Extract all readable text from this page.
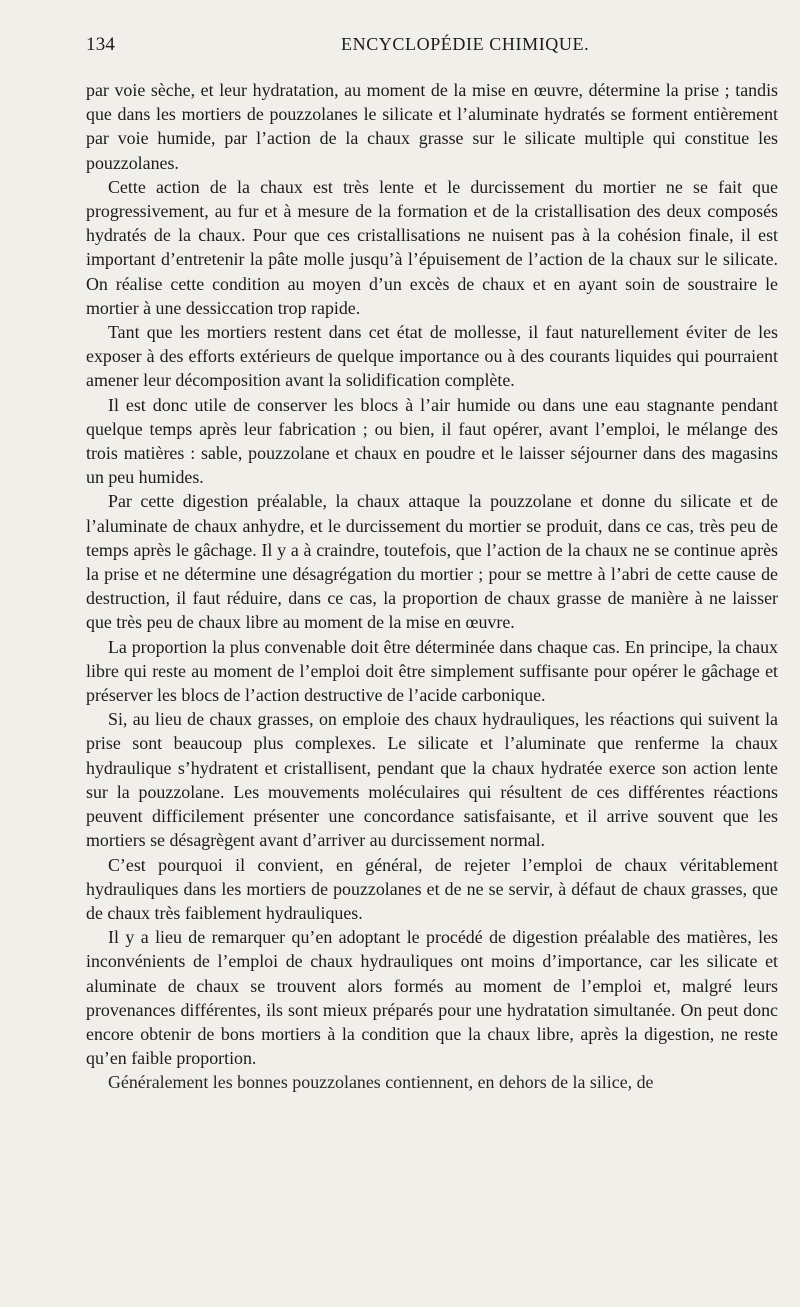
134	ENCYCLOPÉDIE CHIMIQUE.

par voie sèche, et leur hydratation, au moment de la mise en œuvre, détermine la prise ; tandis que dans les mortiers de pouzzolanes le silicate et l’aluminate hydratés se forment entièrement par voie humide, par l’action de la chaux grasse sur le silicate multiple qui constitue les pouzzolanes.

Cette action de la chaux est très lente et le durcissement du mortier ne se fait que progressivement, au fur et à mesure de la formation et de la cristallisation des deux composés hydratés de la chaux. Pour que ces cristallisations ne nuisent pas à la cohésion finale, il est important d’entretenir la pâte molle jusqu’à l’épuisement de l’action de la chaux sur le silicate. On réalise cette condition au moyen d’un excès de chaux et en ayant soin de soustraire le mortier à une dessiccation trop rapide.

Tant que les mortiers restent dans cet état de mollesse, il faut naturellement éviter de les exposer à des efforts extérieurs de quelque importance ou à des courants liquides qui pourraient amener leur décomposition avant la solidification complète.

Il est donc utile de conserver les blocs à l’air humide ou dans une eau stagnante pendant quelque temps après leur fabrication ; ou bien, il faut opérer, avant l’emploi, le mélange des trois matières : sable, pouzzolane et chaux en poudre et le laisser séjourner dans des magasins un peu humides.

Par cette digestion préalable, la chaux attaque la pouzzolane et donne du silicate et de l’aluminate de chaux anhydre, et le durcissement du mortier se produit, dans ce cas, très peu de temps après le gâchage. Il y a à craindre, toutefois, que l’action de la chaux ne se continue après la prise et ne détermine une désagrégation du mortier ; pour se mettre à l’abri de cette cause de destruction, il faut réduire, dans ce cas, la proportion de chaux grasse de manière à ne laisser que très peu de chaux libre au moment de la mise en œuvre.

La proportion la plus convenable doit être déterminée dans chaque cas. En principe, la chaux libre qui reste au moment de l’emploi doit être simplement suffisante pour opérer le gâchage et préserver les blocs de l’action destructive de l’acide carbonique.

Si, au lieu de chaux grasses, on emploie des chaux hydrauliques, les réactions qui suivent la prise sont beaucoup plus complexes. Le silicate et l’aluminate que renferme la chaux hydraulique s’hydratent et cristallisent, pendant que la chaux hydratée exerce son action lente sur la pouzzolane. Les mouvements moléculaires qui résultent de ces différentes réactions peuvent difficilement présenter une concordance satisfaisante, et il arrive souvent que les mortiers se désagrègent avant d’arriver au durcissement normal.

C’est pourquoi il convient, en général, de rejeter l’emploi de chaux véritablement hydrauliques dans les mortiers de pouzzolanes et de ne se servir, à défaut de chaux grasses, que de chaux très faiblement hydrauliques.

Il y a lieu de remarquer qu’en adoptant le procédé de digestion préalable des matières, les inconvénients de l’emploi de chaux hydrauliques ont moins d’importance, car les silicate et aluminate de chaux se trouvent alors formés au moment de l’emploi et, malgré leurs provenances différentes, ils sont mieux préparés pour une hydratation simultanée. On peut donc encore obtenir de bons mortiers à la condition que la chaux libre, après la digestion, ne reste qu’en faible proportion.

Généralement les bonnes pouzzolanes contiennent, en dehors de la silice, de
